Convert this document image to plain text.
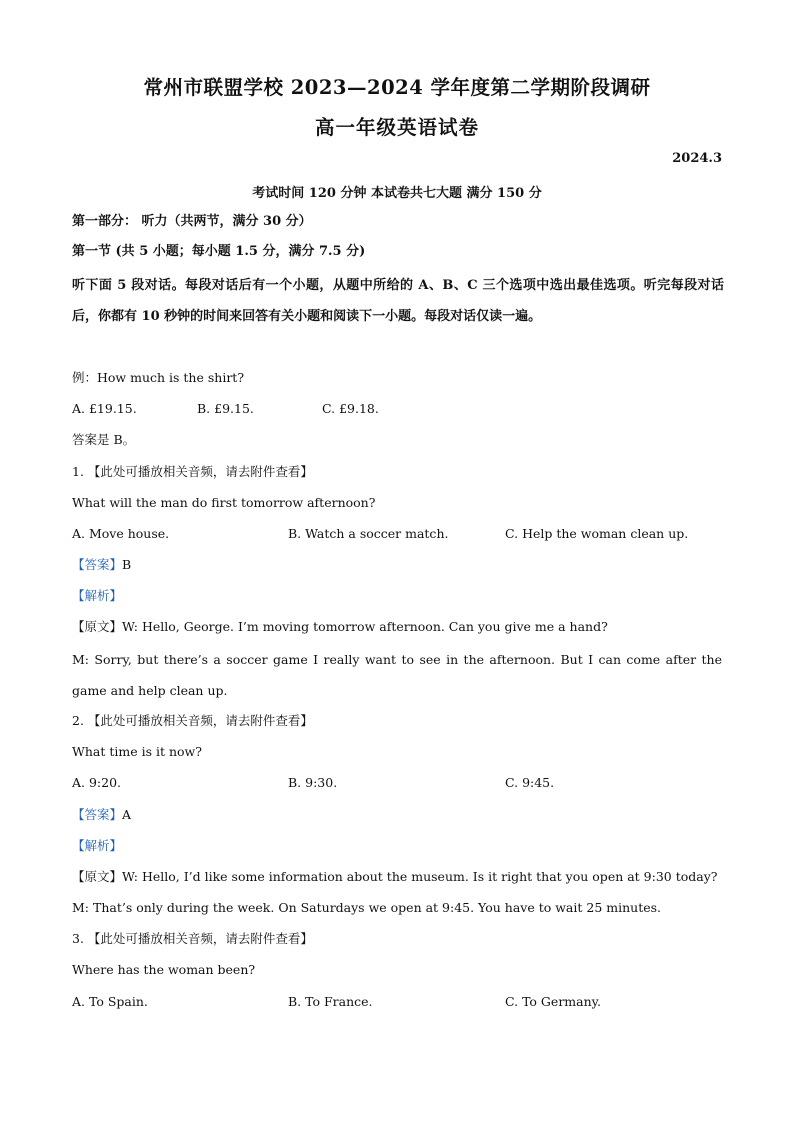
常州市联盟学校 2023—2024 学年度第二学期阶段调研
高一年级英语试卷
2024.3
考试时间 120 分钟 本试卷共七大题 满分 150 分
第一部分： 听力（共两节，满分 30 分）
第一节 (共 5 小题；每小题 1.5 分，满分 7.5 分)
听下面 5 段对话。每段对话后有一个小题，从题中所给的 A、B、C 三个选项中选出最佳选项。听完每段对话后，你都有 10 秒钟的时间来回答有关小题和阅读下一小题。每段对话仅读一遍。
例：How much is the shirt?
A. £19.15.	B. £9.15.	C. £9.18.
答案是 B。
1. 【此处可播放相关音频，请去附件查看】
What will the man do first tomorrow afternoon?
A. Move house.	B. Watch a soccer match.	C. Help the woman clean up.
【答案】B
【解析】
【原文】W: Hello, George. I’m moving tomorrow afternoon. Can you give me a hand?
M: Sorry, but there’s a soccer game I really want to see in the afternoon. But I can come after the game and help clean up.
2. 【此处可播放相关音频，请去附件查看】
What time is it now?
A. 9:20.	B. 9:30.	C. 9:45.
【答案】A
【解析】
【原文】W: Hello, I’d like some information about the museum. Is it right that you open at 9:30 today?
M: That’s only during the week. On Saturdays we open at 9:45. You have to wait 25 minutes.
3. 【此处可播放相关音频，请去附件查看】
Where has the woman been?
A. To Spain.	B. To France.	C. To Germany.
